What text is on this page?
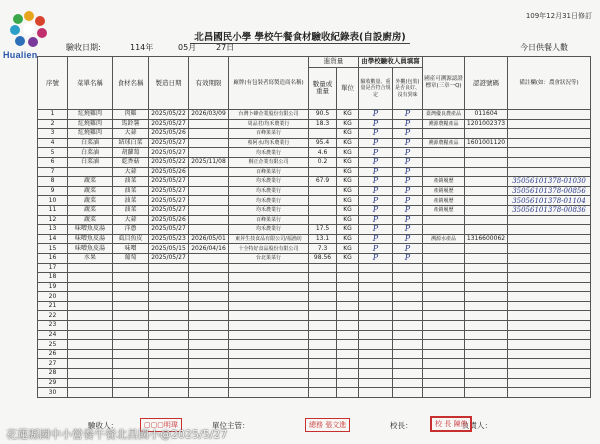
Hualien
109年12月31日修訂
北昌國民小學 學校午餐食材驗收紀錄表(自設廚房)
驗收日期:	114年	05月 27日	今日供餐人數
序號	菜單名稱	食材名稱	製造日期	有效期限	廠牌(有包裝者寫製造商名稱)	進貨量		由學校驗收人員填寫		國產可溯源認證標章(三章一Q)	認證號碼	備註欄(如：農會狀況等)
						數量或重量	單位	驗收數量、重量是否符合規定	外觀(包裝)是否良好、沒有異味			
1	紅燒雞肉	肉雞	2025/05/22	2026/03/09	台灣卜蜂企業股份有限公司	90.5	KG	P	P	臺灣優良農產品	011604	
2	紅燒雞肉	馬鈴薯	2025/05/27		周品君/均禾農業行	18.3	KG	P	P	溯源農糧產品	1201002373	
3	紅燒雞肉	大蒜	2025/05/26		百峰果菜行		KG	P	P			
4	白菜滷	結球白菜	2025/05/27		蔡阿水/均禾農業行	95.4	KG	P	P	溯源農糧產品	1601001120	
5	白菜滷	胡蘿蔔	2025/05/27		均禾農業行	4.6	KG	P	P			
6	白菜滷	乾香菇	2025/05/22	2025/11/08	桐正企業有限公司	0.2	KG	P	P			
7		大蒜	2025/05/26		百峰果菜行		KG	P	P			
8	蔬菜	油菜	2025/05/27		均禾農業行	67.9	KG	P	P	產銷履歷		35056101378-01030
9	蔬菜	油菜	2025/05/27		均禾農業行		KG	P	P	產銷履歷		35056101378-00856
10	蔬菜	油菜	2025/05/27		均禾農業行		KG	P	P	產銷履歷		35056101378-01104
11	蔬菜	油菜	2025/05/27		均禾農業行		KG	P	P	產銷履歷		35056101378-00836
12	蔬菜	大蒜	2025/05/26		百峰果菜行		KG	P	P			
13	味噌魚皮湯	洋蔥	2025/05/27		均禾農業行	17.5	KG	P	P			
14	味噌魚皮湯	虱目魚皮	2025/05/23	2026/05/01	東昇生技食品有限公司/福漁坊	13.1	KG	P	P	溯源水產品	1316600062	
15	味噌魚皮湯	味噌	2025/05/15	2026/04/16	十全特好食品股份有限公司	7.3	KG	P	P			
16	水果	葡萄	2025/05/27		台北果菜行	98.56	KG	P	P			
17												
18												
19												
20												
21												
22												
23												
24												
25												
26												
27												
28												
29												
30												
驗收人：	單位主管：	校長：	負責人：
▢▢▢明瑋	總務 張文進	校 長 陳俊
花蓮縣國中小營養午餐北昌國小@2025/5/27
